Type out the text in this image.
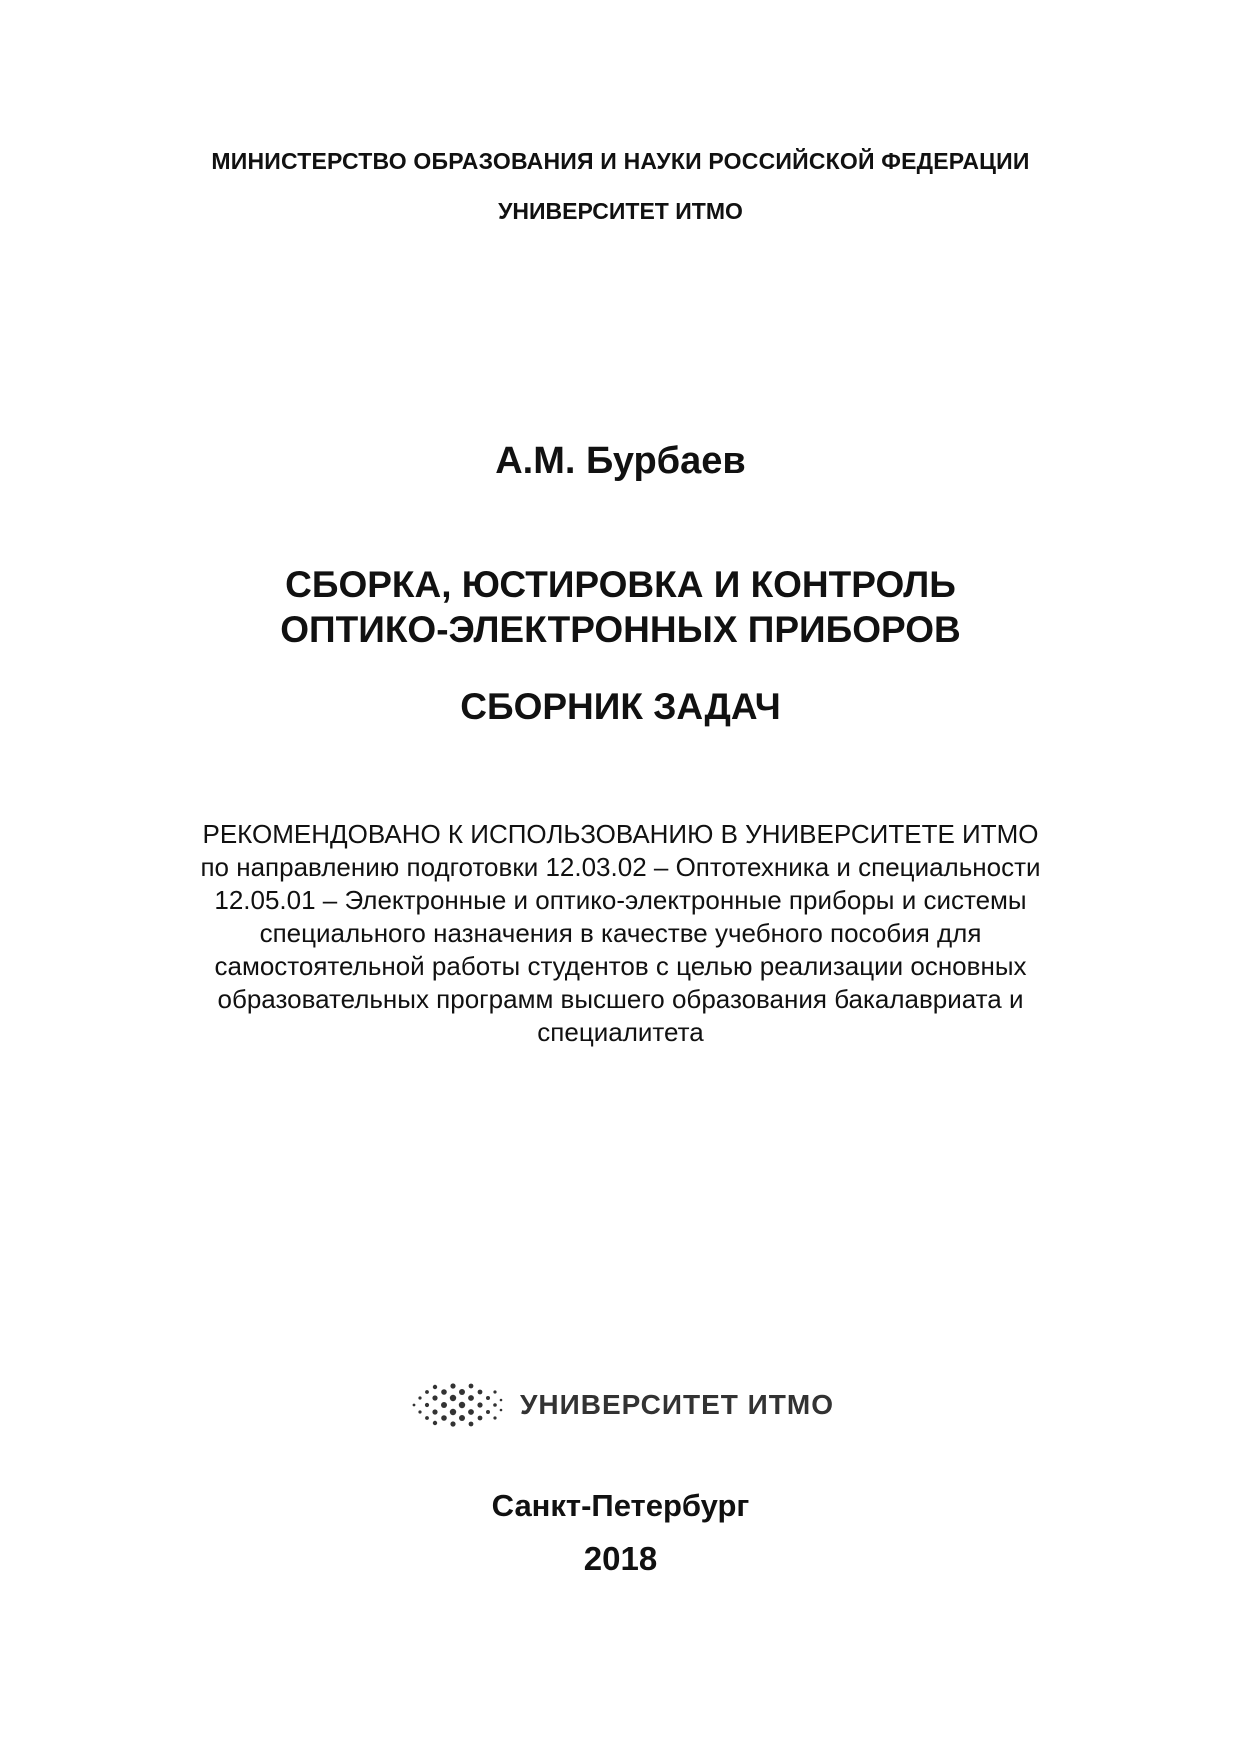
МИНИСТЕРСТВО ОБРАЗОВАНИЯ И НАУКИ РОССИЙСКОЙ ФЕДЕРАЦИИ
УНИВЕРСИТЕТ ИТМО
А.М. Бурбаев
СБОРКА, ЮСТИРОВКА И КОНТРОЛЬ
ОПТИКО-ЭЛЕКТРОННЫХ ПРИБОРОВ
СБОРНИК ЗАДАЧ
РЕКОМЕНДОВАНО К ИСПОЛЬЗОВАНИЮ В УНИВЕРСИТЕТЕ ИТМО
по направлению подготовки 12.03.02 – Оптотехника и специальности
12.05.01 – Электронные и оптико-электронные приборы и системы
специального назначения в качестве учебного пособия для
самостоятельной работы студентов с целью реализации основных
образовательных программ высшего образования бакалавриата и
специалитета
УНИВЕРСИТЕТ ИТМО
Санкт-Петербург
2018
